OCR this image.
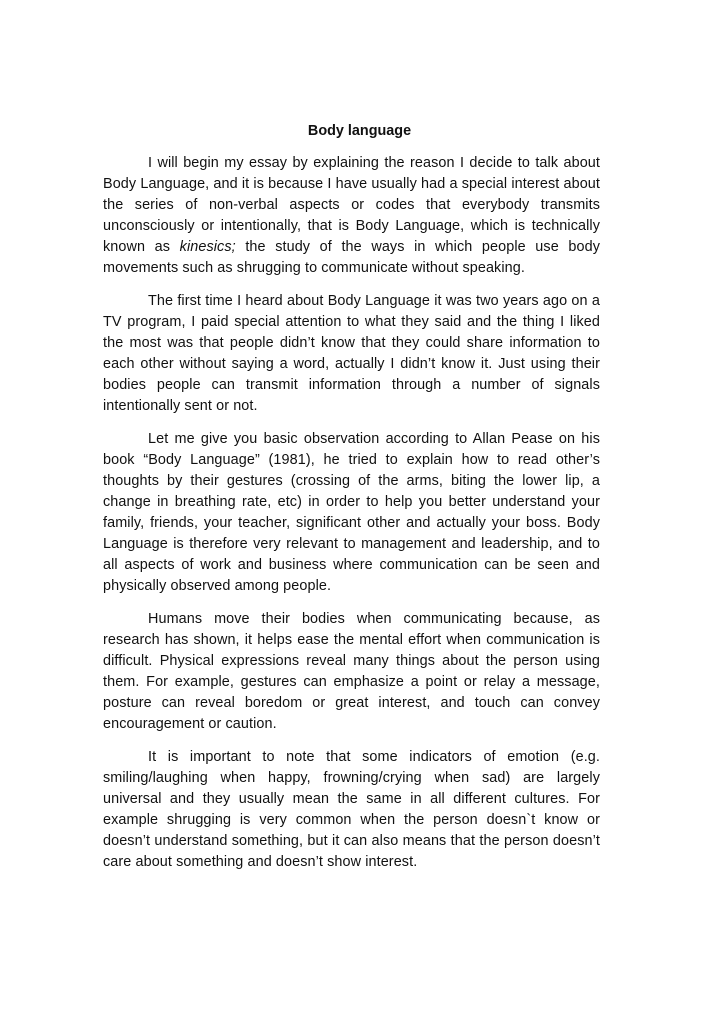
Body language

I will begin my essay by explaining the reason I decide to talk about Body Language, and it is because I have usually had a special interest about the series of non-verbal aspects or codes that everybody transmits unconsciously or intentionally, that is Body Language, which is technically known as kinesics; the study of the ways in which people use body movements such as shrugging to communicate without speaking.

The first time I heard about Body Language it was two years ago on a TV program, I paid special attention to what they said and the thing I liked the most was that people didn’t know that they could share information to each other without saying a word, actually I didn’t know it. Just using their bodies people can transmit information through a number of signals intentionally sent or not.

Let me give you basic observation according to Allan Pease on his book “Body Language” (1981), he tried to explain how to read other’s thoughts by their gestures (crossing of the arms, biting the lower lip, a change in breathing rate, etc) in order to help you better understand your family, friends, your teacher, significant other and actually your boss. Body Language is therefore very relevant to management and leadership, and to all aspects of work and business where communication can be seen and physically observed among people.

Humans move their bodies when communicating because, as research has shown, it helps ease the mental effort when communication is difficult. Physical expressions reveal many things about the person using them. For example, gestures can emphasize a point or relay a message, posture can reveal boredom or great interest, and touch can convey encouragement or caution.

It is important to note that some indicators of emotion (e.g. smiling/laughing when happy, frowning/crying when sad) are largely universal and they usually mean the same in all different cultures. For example shrugging is very common when the person doesn`t know or doesn’t understand something, but it can also means that the person doesn’t care about something and doesn’t show interest.
